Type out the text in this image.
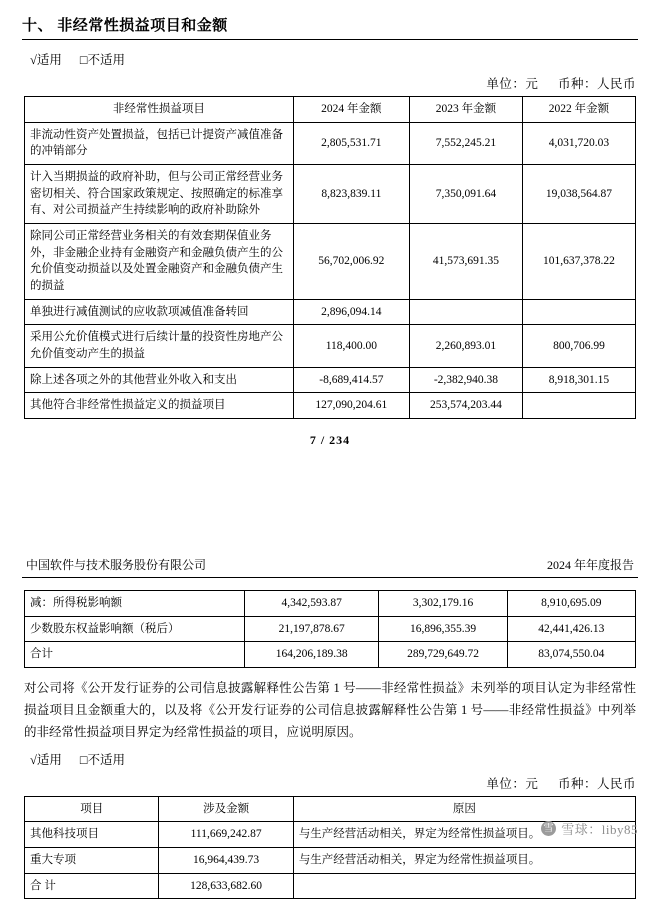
十、 非经常性损益项目和金额
√适用 □不适用
单位：元 币种：人民币
非经常性损益项目	2024 年金额	2023 年金额	2022 年金额
非流动性资产处置损益，包括已计提资产减值准备的冲销部分	2,805,531.71	7,552,245.21	4,031,720.03
计入当期损益的政府补助，但与公司正常经营业务密切相关、符合国家政策规定、按照确定的标准享有、对公司损益产生持续影响的政府补助除外	8,823,839.11	7,350,091.64	19,038,564.87
除同公司正常经营业务相关的有效套期保值业务外，非金融企业持有金融资产和金融负债产生的公允价值变动损益以及处置金融资产和金融负债产生的损益	56,702,006.92	41,573,691.35	101,637,378.22
单独进行减值测试的应收款项减值准备转回	2,896,094.14		
采用公允价值模式进行后续计量的投资性房地产公允价值变动产生的损益	118,400.00	2,260,893.01	800,706.99
除上述各项之外的其他营业外收入和支出	-8,689,414.57	-2,382,940.38	8,918,301.15
其他符合非经常性损益定义的损益项目	127,090,204.61	253,574,203.44	
7 / 234
中国软件与技术服务股份有限公司	2024 年年度报告
减：所得税影响额	4,342,593.87	3,302,179.16	8,910,695.09
少数股东权益影响额（税后）	21,197,878.67	16,896,355.39	42,441,426.13
合计	164,206,189.38	289,729,649.72	83,074,550.04
对公司将《公开发行证券的公司信息披露解释性公告第 1 号——非经常性损益》未列举的项目认定为非经常性损益项目且金额重大的，以及将《公开发行证券的公司信息披露解释性公告第 1 号——非经常性损益》中列举的非经常性损益项目界定为经常性损益的项目，应说明原因。
√适用 □不适用
单位：元 币种：人民币
项目	涉及金额	原因
其他科技项目	111,669,242.87	与生产经营活动相关，界定为经常性损益项目。
重大专项	16,964,439.73	与生产经营活动相关，界定为经常性损益项目。
合 计	128,633,682.60	
雪 雪球：liby85
